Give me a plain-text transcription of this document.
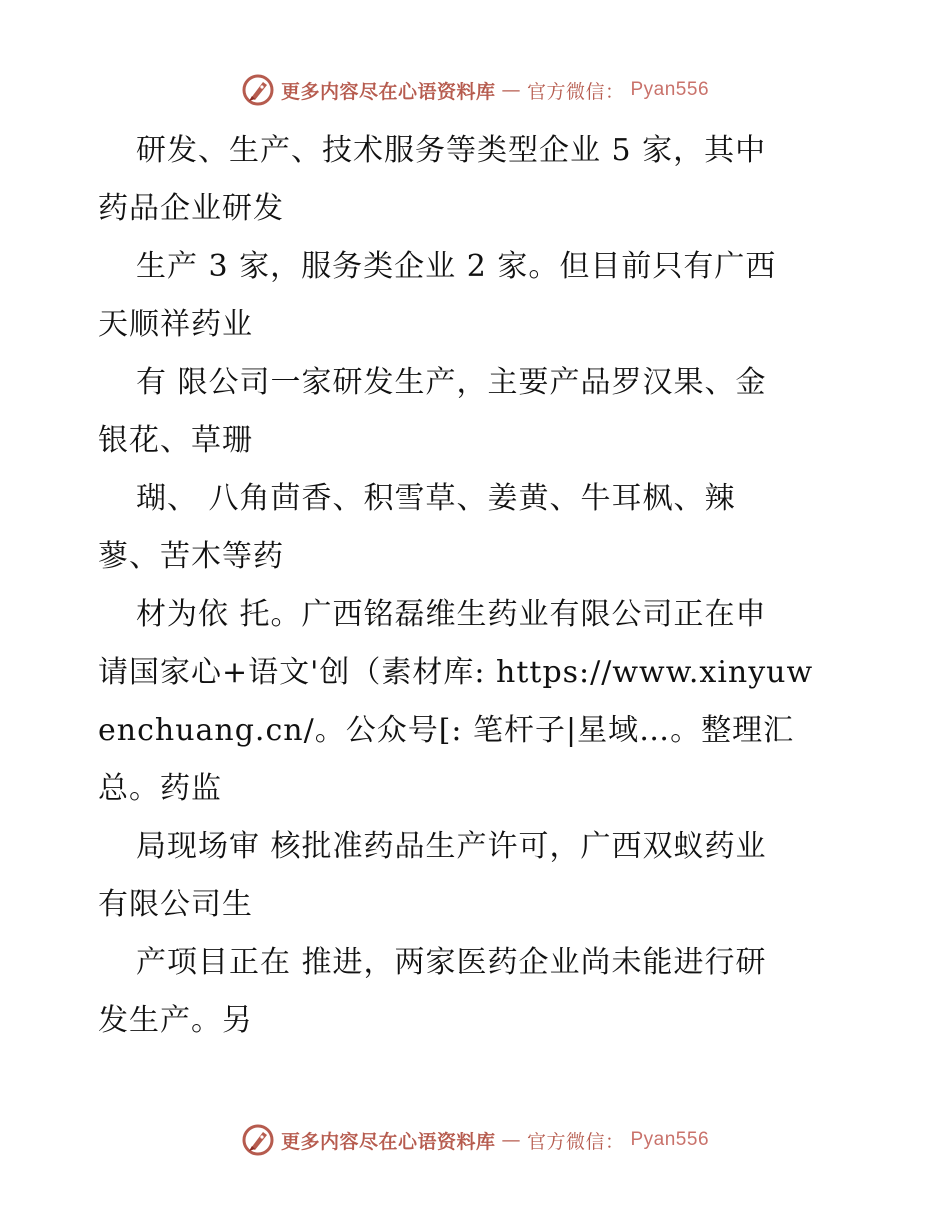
更多内容尽在心语资料库 — 官方微信： Pyan556
研发、生产、技术服务等类型企业 5 家，其中
药品企业研发
生产 3 家，服务类企业 2 家。但目前只有广西
天顺祥药业
有 限公司一家研发生产，主要产品罗汉果、金
银花、草珊
瑚、 八角茴香、积雪草、姜黄、牛耳枫、辣
蓼、苦木等药
材为依 托。广西铭磊维生药业有限公司正在申
请国家心+语文'创（素材库: https://www.xinyuw
enchuang.cn/。公众号[: 笔杆子|星域…。整理汇
总。药监
局现场审 核批准药品生产许可，广西双蚁药业
有限公司生
产项目正在 推进，两家医药企业尚未能进行研
发生产。另
更多内容尽在心语资料库 — 官方微信： Pyan556
